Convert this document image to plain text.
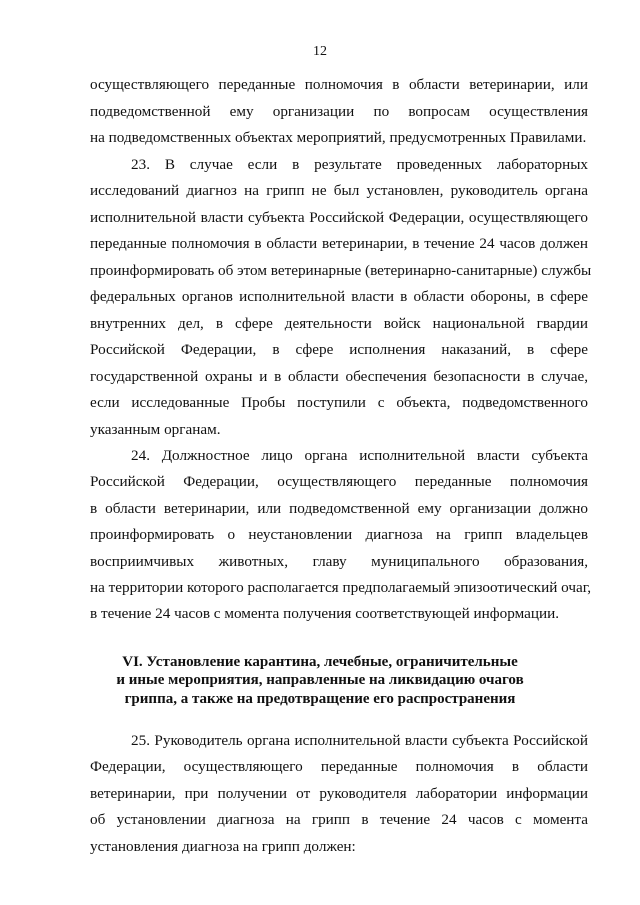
12
осуществляющего переданные полномочия в области ветеринарии, или
подведомственной ему организации по вопросам осуществления
на подведомственных объектах мероприятий, предусмотренных Правилами.
23. В случае если в результате проведенных лабораторных
исследований диагноз на грипп не был установлен, руководитель органа
исполнительной власти субъекта Российской Федерации, осуществляющего
переданные полномочия в области ветеринарии, в течение 24 часов должен
проинформировать об этом ветеринарные (ветеринарно-санитарные) службы
федеральных органов исполнительной власти в области обороны, в сфере
внутренних дел, в сфере деятельности войск национальной гвардии
Российской Федерации, в сфере исполнения наказаний, в сфере
государственной охраны и в области обеспечения безопасности в случае,
если исследованные Пробы поступили с объекта, подведомственного
указанным органам.
24. Должностное лицо органа исполнительной власти субъекта
Российской Федерации, осуществляющего переданные полномочия
в области ветеринарии, или подведомственной ему организации должно
проинформировать о неустановлении диагноза на грипп владельцев
восприимчивых животных, главу муниципального образования,
на территории которого располагается предполагаемый эпизоотический очаг,
в течение 24 часов с момента получения соответствующей информации.
VI. Установление карантина, лечебные, ограничительные
и иные мероприятия, направленные на ликвидацию очагов
гриппа, а также на предотвращение его распространения
25. Руководитель органа исполнительной власти субъекта Российской
Федерации, осуществляющего переданные полномочия в области
ветеринарии, при получении от руководителя лаборатории информации
об установлении диагноза на грипп в течение 24 часов с момента
установления диагноза на грипп должен:
